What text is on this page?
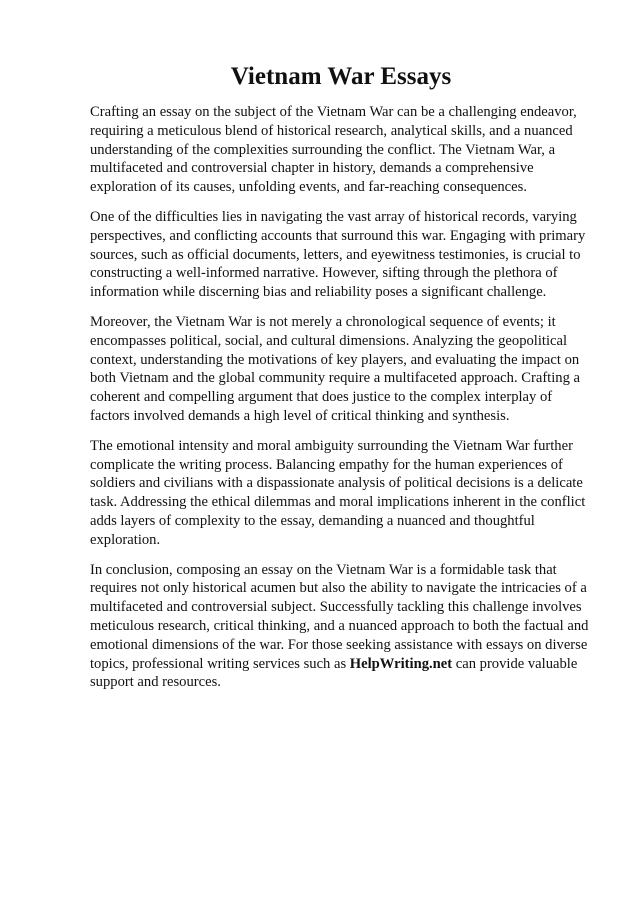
Vietnam War Essays

Crafting an essay on the subject of the Vietnam War can be a challenging endeavor, requiring a meticulous blend of historical research, analytical skills, and a nuanced understanding of the complexities surrounding the conflict. The Vietnam War, a multifaceted and controversial chapter in history, demands a comprehensive exploration of its causes, unfolding events, and far-reaching consequences.

One of the difficulties lies in navigating the vast array of historical records, varying perspectives, and conflicting accounts that surround this war. Engaging with primary sources, such as official documents, letters, and eyewitness testimonies, is crucial to constructing a well-informed narrative. However, sifting through the plethora of information while discerning bias and reliability poses a significant challenge.

Moreover, the Vietnam War is not merely a chronological sequence of events; it encompasses political, social, and cultural dimensions. Analyzing the geopolitical context, understanding the motivations of key players, and evaluating the impact on both Vietnam and the global community require a multifaceted approach. Crafting a coherent and compelling argument that does justice to the complex interplay of factors involved demands a high level of critical thinking and synthesis.

The emotional intensity and moral ambiguity surrounding the Vietnam War further complicate the writing process. Balancing empathy for the human experiences of soldiers and civilians with a dispassionate analysis of political decisions is a delicate task. Addressing the ethical dilemmas and moral implications inherent in the conflict adds layers of complexity to the essay, demanding a nuanced and thoughtful exploration.

In conclusion, composing an essay on the Vietnam War is a formidable task that requires not only historical acumen but also the ability to navigate the intricacies of a multifaceted and controversial subject. Successfully tackling this challenge involves meticulous research, critical thinking, and a nuanced approach to both the factual and emotional dimensions of the war. For those seeking assistance with essays on diverse topics, professional writing services such as HelpWriting.net can provide valuable support and resources.
